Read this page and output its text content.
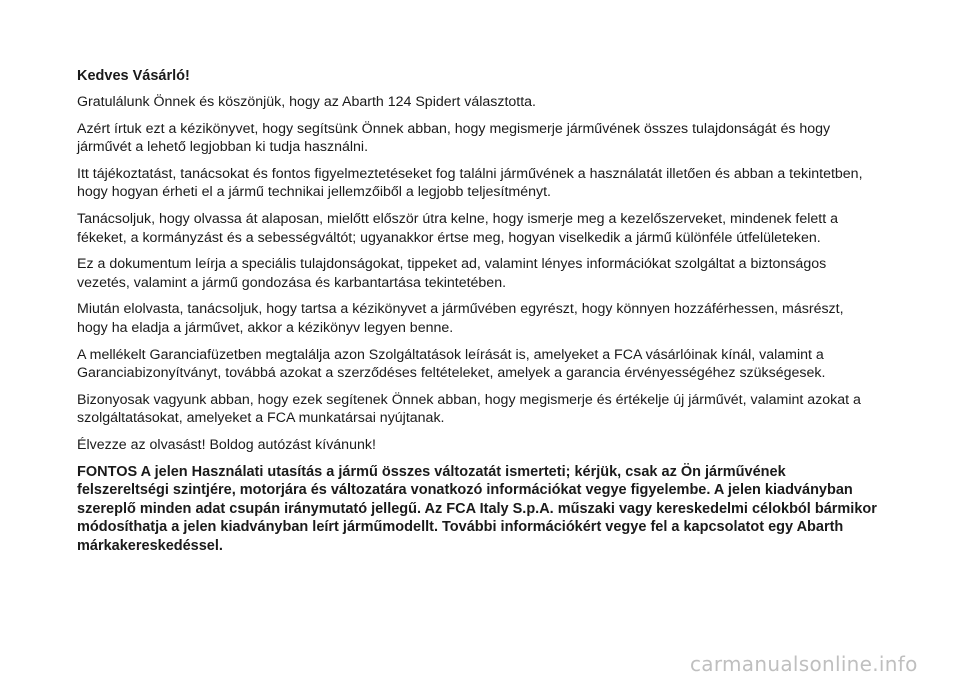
Kedves Vásárló!

Gratulálunk Önnek és köszönjük, hogy az Abarth 124 Spidert választotta.

Azért írtuk ezt a kézikönyvet, hogy segítsünk Önnek abban, hogy megismerje járművének összes tulajdonságát és hogy járművét a lehető legjobban ki tudja használni.

Itt tájékoztatást, tanácsokat és fontos figyelmeztetéseket fog találni járművének a használatát illetően és abban a tekintetben, hogy hogyan érheti el a jármű technikai jellemzőiből a legjobb teljesítményt.

Tanácsoljuk, hogy olvassa át alaposan, mielőtt először útra kelne, hogy ismerje meg a kezelőszerveket, mindenek felett a fékeket, a kormányzást és a sebességváltót; ugyanakkor értse meg, hogyan viselkedik a jármű különféle útfelületeken.

Ez a dokumentum leírja a speciális tulajdonságokat, tippeket ad, valamint lényes információkat szolgáltat a biztonságos vezetés, valamint a jármű gondozása és karbantartása tekintetében.

Miután elolvasta, tanácsoljuk, hogy tartsa a kézikönyvet a járművében egyrészt, hogy könnyen hozzáférhessen, másrészt, hogy ha eladja a járművet, akkor a kézikönyv legyen benne.

A mellékelt Garanciafüzetben megtalálja azon Szolgáltatások leírását is, amelyeket a FCA vásárlóinak kínál, valamint a Garanciabizonyítványt, továbbá azokat a szerződéses feltételeket, amelyek a garancia érvényességéhez szükségesek.

Bizonyosak vagyunk abban, hogy ezek segítenek Önnek abban, hogy megismerje és értékelje új járművét, valamint azokat a szolgáltatásokat, amelyeket a FCA munkatársai nyújtanak.

Élvezze az olvasást! Boldog autózást kívánunk!

FONTOS A jelen Használati utasítás a jármű összes változatát ismerteti; kérjük, csak az Ön járművének felszereltségi szintjére, motorjára és változatára vonatkozó információkat vegye figyelembe. A jelen kiadványban szereplő minden adat csupán iránymutató jellegű. Az FCA Italy S.p.A. műszaki vagy kereskedelmi célokból bármikor módosíthatja a jelen kiadványban leírt járműmodellt. További információkért vegye fel a kapcsolatot egy Abarth márkakereskedéssel.

carmanualsonline.info
